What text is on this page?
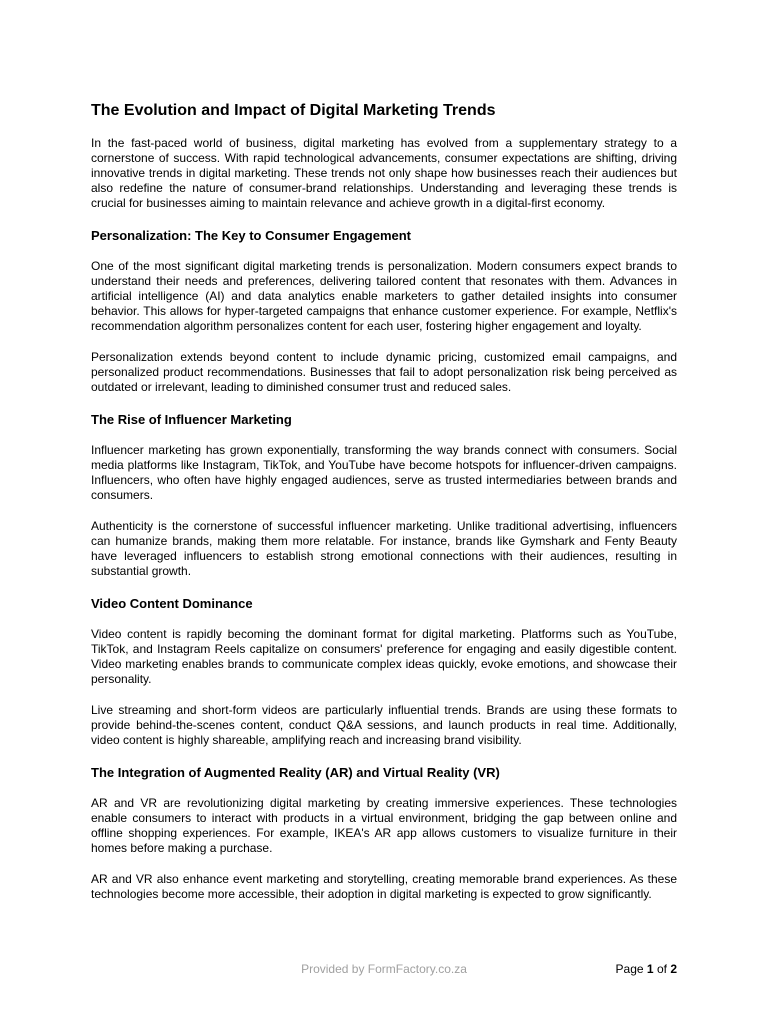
The Evolution and Impact of Digital Marketing Trends

In the fast-paced world of business, digital marketing has evolved from a supplementary strategy to a cornerstone of success. With rapid technological advancements, consumer expectations are shifting, driving innovative trends in digital marketing. These trends not only shape how businesses reach their audiences but also redefine the nature of consumer-brand relationships. Understanding and leveraging these trends is crucial for businesses aiming to maintain relevance and achieve growth in a digital-first economy.

Personalization: The Key to Consumer Engagement

One of the most significant digital marketing trends is personalization. Modern consumers expect brands to understand their needs and preferences, delivering tailored content that resonates with them. Advances in artificial intelligence (AI) and data analytics enable marketers to gather detailed insights into consumer behavior. This allows for hyper-targeted campaigns that enhance customer experience. For example, Netflix's recommendation algorithm personalizes content for each user, fostering higher engagement and loyalty.

Personalization extends beyond content to include dynamic pricing, customized email campaigns, and personalized product recommendations. Businesses that fail to adopt personalization risk being perceived as outdated or irrelevant, leading to diminished consumer trust and reduced sales.

The Rise of Influencer Marketing

Influencer marketing has grown exponentially, transforming the way brands connect with consumers. Social media platforms like Instagram, TikTok, and YouTube have become hotspots for influencer-driven campaigns. Influencers, who often have highly engaged audiences, serve as trusted intermediaries between brands and consumers.

Authenticity is the cornerstone of successful influencer marketing. Unlike traditional advertising, influencers can humanize brands, making them more relatable. For instance, brands like Gymshark and Fenty Beauty have leveraged influencers to establish strong emotional connections with their audiences, resulting in substantial growth.

Video Content Dominance

Video content is rapidly becoming the dominant format for digital marketing. Platforms such as YouTube, TikTok, and Instagram Reels capitalize on consumers' preference for engaging and easily digestible content. Video marketing enables brands to communicate complex ideas quickly, evoke emotions, and showcase their personality.

Live streaming and short-form videos are particularly influential trends. Brands are using these formats to provide behind-the-scenes content, conduct Q&A sessions, and launch products in real time. Additionally, video content is highly shareable, amplifying reach and increasing brand visibility.

The Integration of Augmented Reality (AR) and Virtual Reality (VR)

AR and VR are revolutionizing digital marketing by creating immersive experiences. These technologies enable consumers to interact with products in a virtual environment, bridging the gap between online and offline shopping experiences. For example, IKEA's AR app allows customers to visualize furniture in their homes before making a purchase.

AR and VR also enhance event marketing and storytelling, creating memorable brand experiences. As these technologies become more accessible, their adoption in digital marketing is expected to grow significantly.

Provided by FormFactory.co.za	Page 1 of 2
